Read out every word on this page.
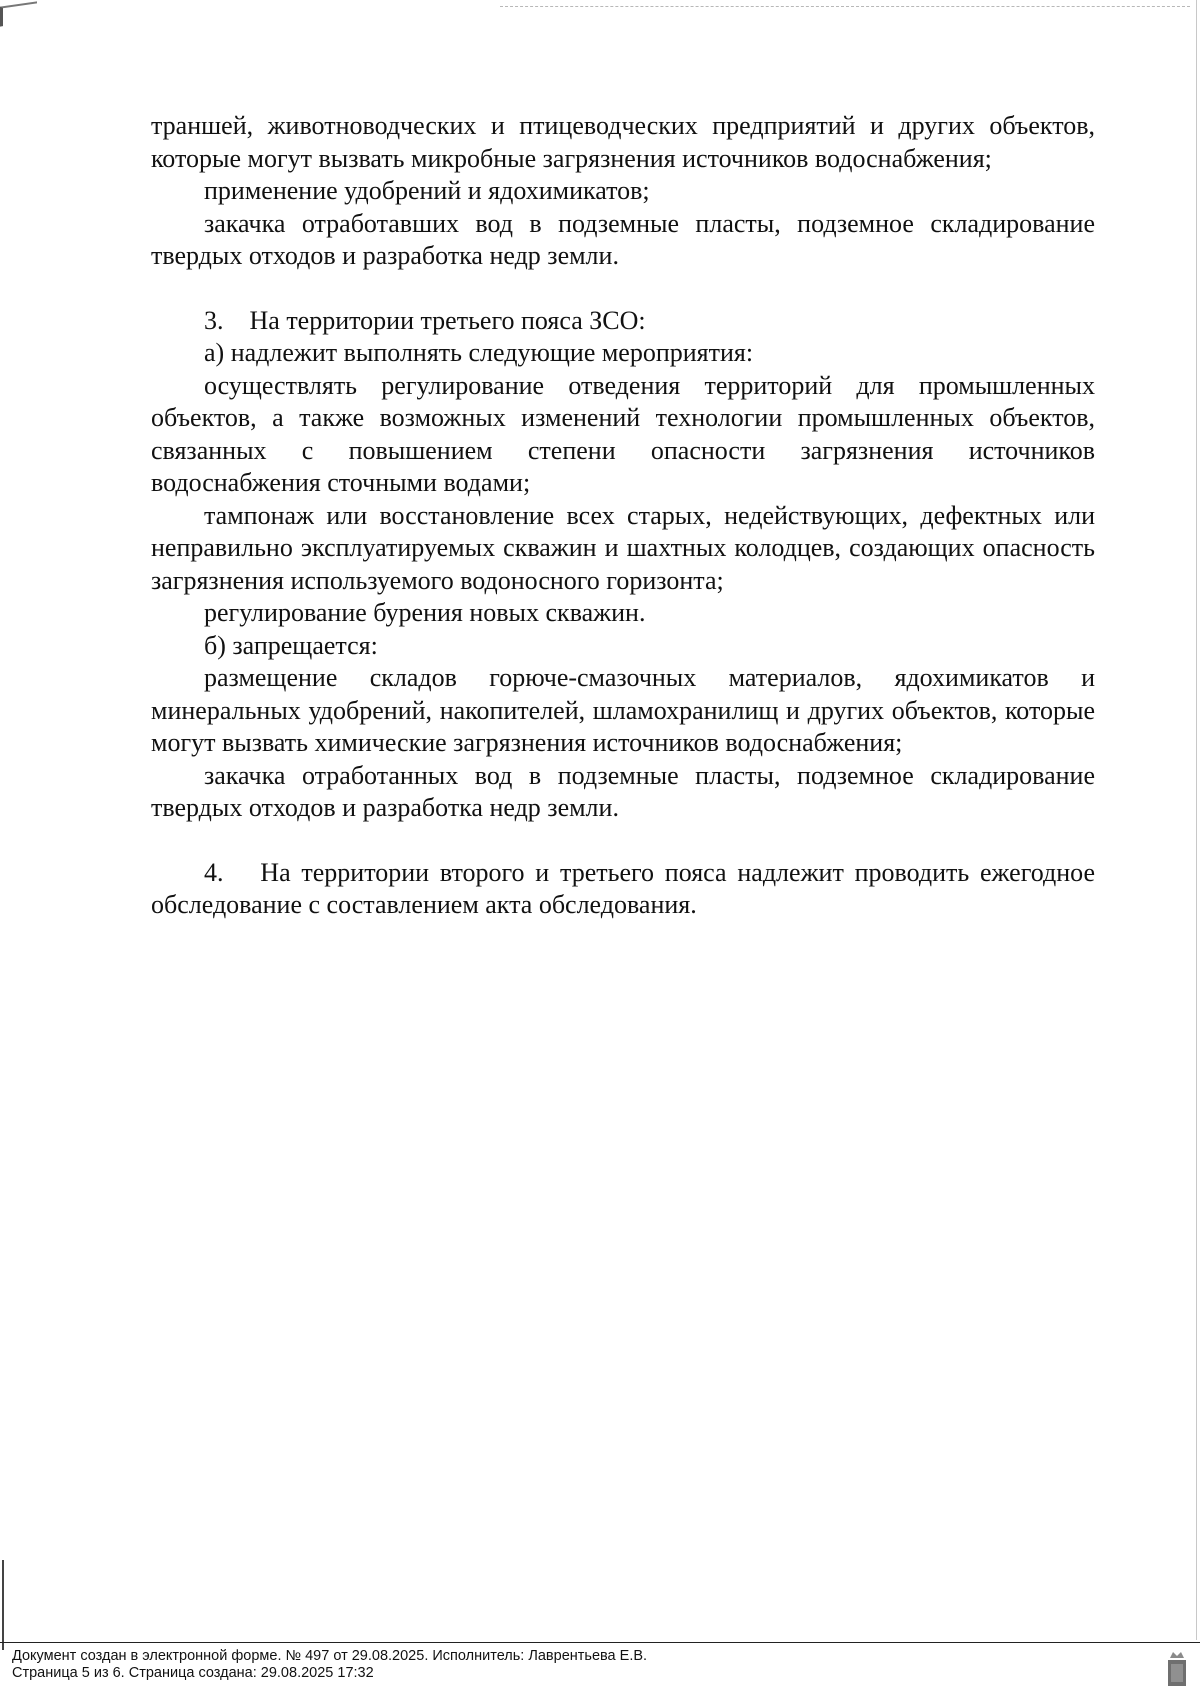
траншей, животноводческих и птицеводческих предприятий и других объектов, которые могут вызвать микробные загрязнения источников водоснабжения;

применение удобрений и ядохимикатов;

закачка отработавших вод в подземные пласты, подземное складирование твердых отходов и разработка недр земли.

3. На территории третьего пояса ЗСО:

а) надлежит выполнять следующие мероприятия:

осуществлять регулирование отведения территорий для промышленных объектов, а также возможных изменений технологии промышленных объектов, связанных с повышением степени опасности загрязнения источников водоснабжения сточными водами;

тампонаж или восстановление всех старых, недействующих, дефектных или неправильно эксплуатируемых скважин и шахтных колодцев, создающих опасность загрязнения используемого водоносного горизонта;

регулирование бурения новых скважин.

б) запрещается:

размещение складов горюче-смазочных материалов, ядохимикатов и минеральных удобрений, накопителей, шламохранилищ и других объектов, которые могут вызвать химические загрязнения источников водоснабжения;

закачка отработанных вод в подземные пласты, подземное складирование твердых отходов и разработка недр земли.

4.  На территории второго и третьего пояса надлежит проводить ежегодное обследование с составлением акта обследования.

Документ создан в электронной форме. № 497 от 29.08.2025. Исполнитель: Лаврентьева Е.В.
Страница 5 из 6. Страница создана: 29.08.2025 17:32
